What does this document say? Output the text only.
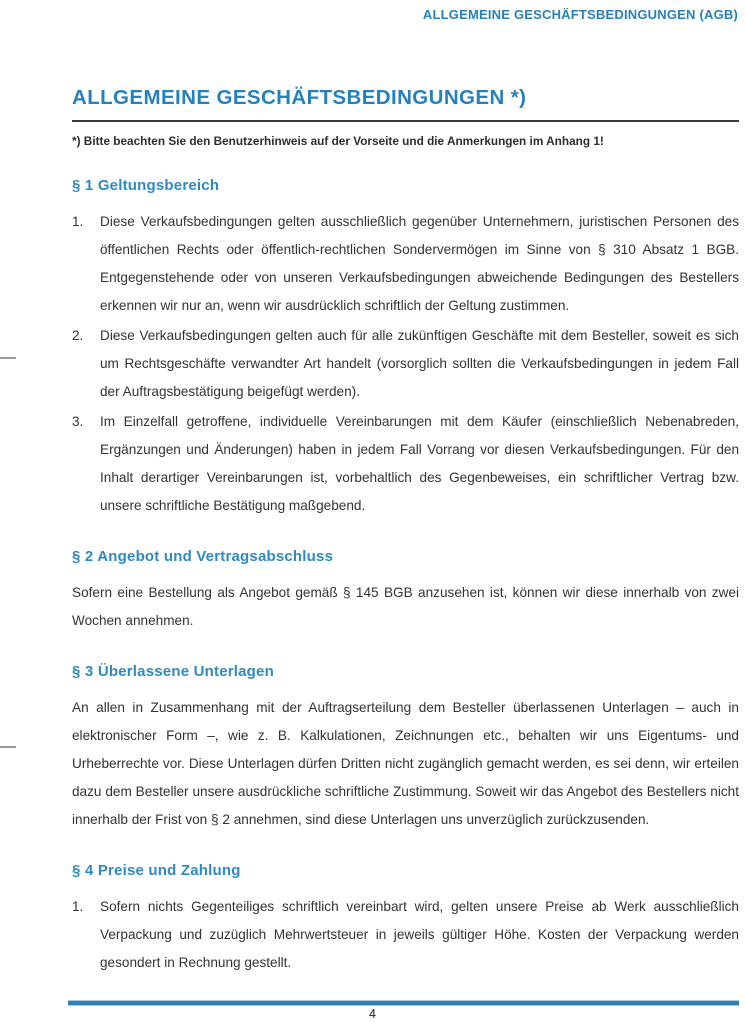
ALLGEMEINE GESCHÄFTSBEDINGUNGEN (AGB)
ALLGEMEINE GESCHÄFTSBEDINGUNGEN *)
*) Bitte beachten Sie den Benutzerhinweis auf der Vorseite und die Anmerkungen im Anhang 1!
§ 1 Geltungsbereich
1. Diese Verkaufsbedingungen gelten ausschließlich gegenüber Unternehmern, juristischen Personen des öffentlichen Rechts oder öffentlich-rechtlichen Sondervermögen im Sinne von § 310 Absatz 1 BGB. Entgegenstehende oder von unseren Verkaufsbedingungen abweichende Bedingungen des Bestellers erkennen wir nur an, wenn wir ausdrücklich schriftlich der Geltung zustimmen.
2. Diese Verkaufsbedingungen gelten auch für alle zukünftigen Geschäfte mit dem Besteller, soweit es sich um Rechtsgeschäfte verwandter Art handelt (vorsorglich sollten die Verkaufsbedingungen in jedem Fall der Auftragsbestätigung beigefügt werden).
3. Im Einzelfall getroffene, individuelle Vereinbarungen mit dem Käufer (einschließlich Nebenabreden, Ergänzungen und Änderungen) haben in jedem Fall Vorrang vor diesen Verkaufsbedingungen. Für den Inhalt derartiger Vereinbarungen ist, vorbehaltlich des Gegenbeweises, ein schriftlicher Vertrag bzw. unsere schriftliche Bestätigung maßgebend.
§ 2 Angebot und Vertragsabschluss

Sofern eine Bestellung als Angebot gemäß § 145 BGB anzusehen ist, können wir diese innerhalb von zwei Wochen annehmen.

§ 3 Überlassene Unterlagen

An allen in Zusammenhang mit der Auftragserteilung dem Besteller überlassenen Unterlagen – auch in elektronischer Form –, wie z. B. Kalkulationen, Zeichnungen etc., behalten wir uns Eigentums- und Urheberrechte vor. Diese Unterlagen dürfen Dritten nicht zugänglich gemacht werden, es sei denn, wir erteilen dazu dem Besteller unsere ausdrückliche schriftliche Zustimmung. Soweit wir das Angebot des Bestellers nicht innerhalb der Frist von § 2 annehmen, sind diese Unterlagen uns unverzüglich zurückzusenden.

§ 4 Preise und Zahlung
1. Sofern nichts Gegenteiliges schriftlich vereinbart wird, gelten unsere Preise ab Werk ausschließlich Verpackung und zuzüglich Mehrwertsteuer in jeweils gültiger Höhe. Kosten der Verpackung werden gesondert in Rechnung gestellt.
4
